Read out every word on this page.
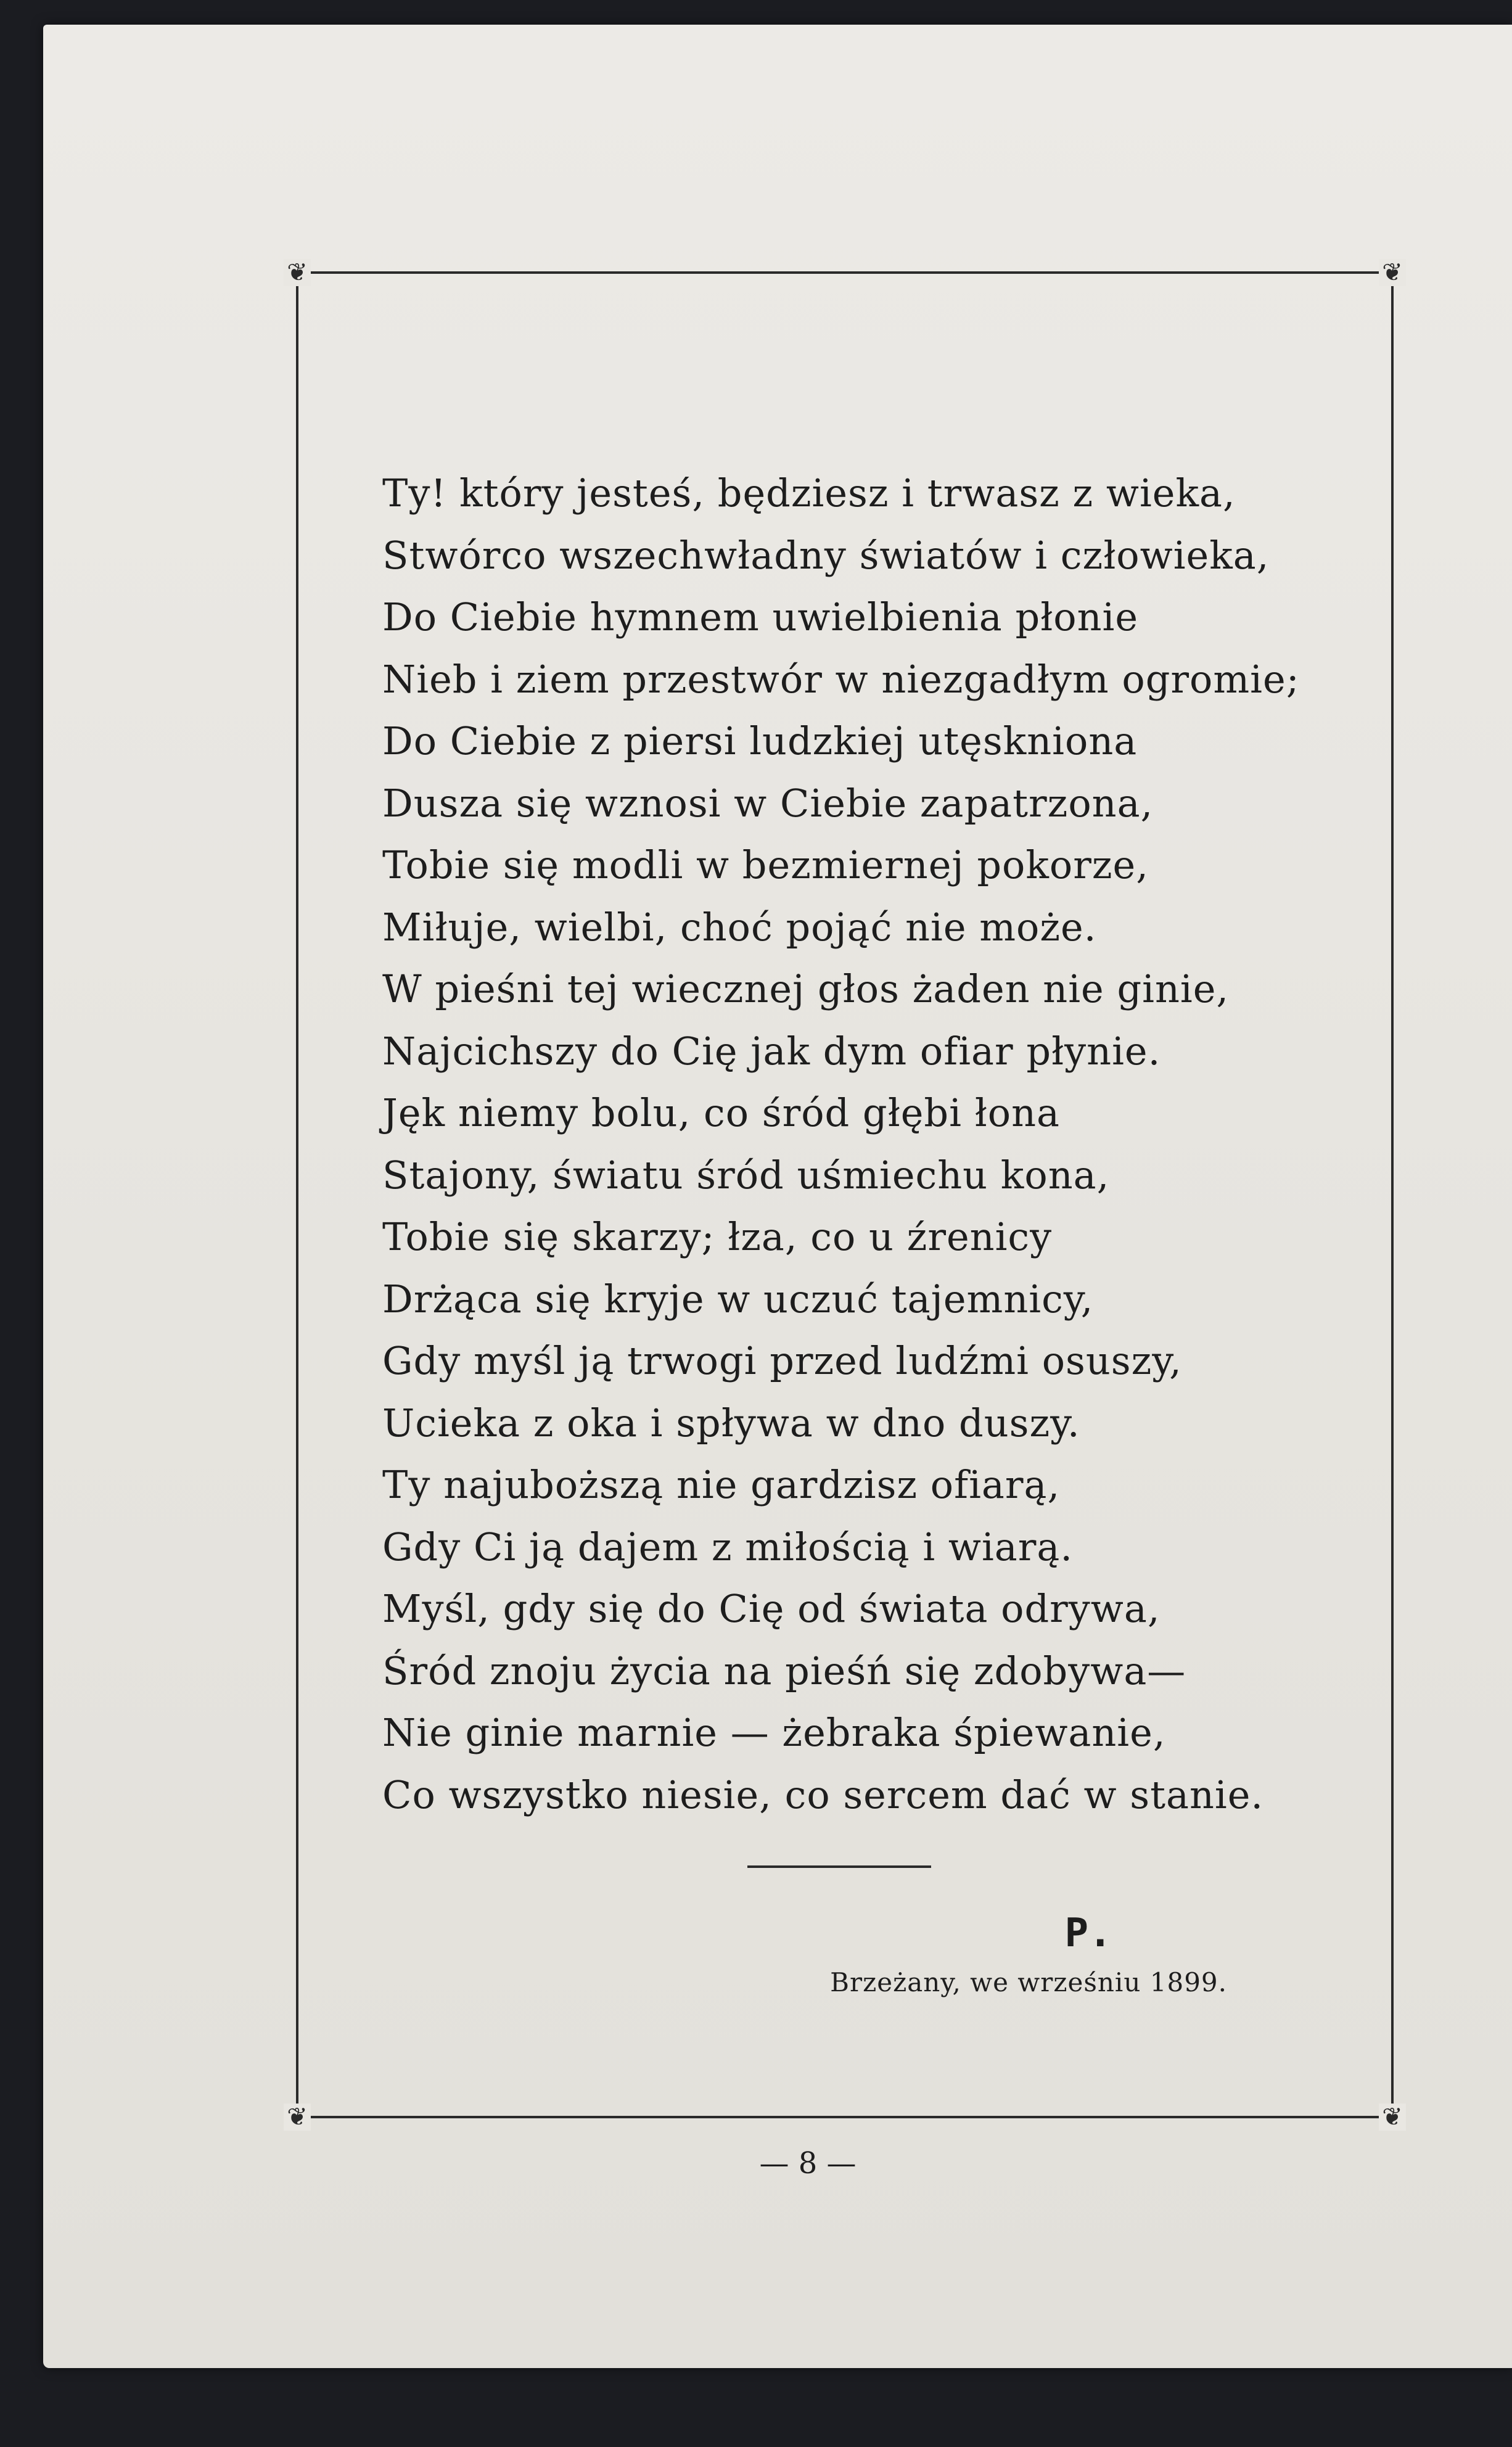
❦	❦
❦	❦
Ty! który jesteś, będziesz i trwasz z wieka,
Stwórco wszechwładny światów i człowieka,
Do Ciebie hymnem uwielbienia płonie
Nieb i ziem przestwór w niezgadłym ogromie;
Do Ciebie z piersi ludzkiej utęskniona
Dusza się wznosi w Ciebie zapatrzona,
Tobie się modli w bezmiernej pokorze,
Miłuje, wielbi, choć pojąć nie może.
W pieśni tej wiecznej głos żaden nie ginie,
Najcichszy do Cię jak dym ofiar płynie.
Jęk niemy bolu, co śród głębi łona
Stajony, światu śród uśmiechu kona,
Tobie się skarzy; łza, co u źrenicy
Drżąca się kryje w uczuć tajemnicy,
Gdy myśl ją trwogi przed ludźmi osuszy,
Ucieka z oka i spływa w dno duszy.
Ty najuboższą nie gardzisz ofiarą,
Gdy Ci ją dajem z miłością i wiarą.
Myśl, gdy się do Cię od świata odrywa,
Śród znoju życia na pieśń się zdobywa—
Nie ginie marnie — żebraka śpiewanie,
Co wszystko niesie, co sercem dać w stanie.
P.
Brzeżany, we wrześniu 1899.
— 8 —
